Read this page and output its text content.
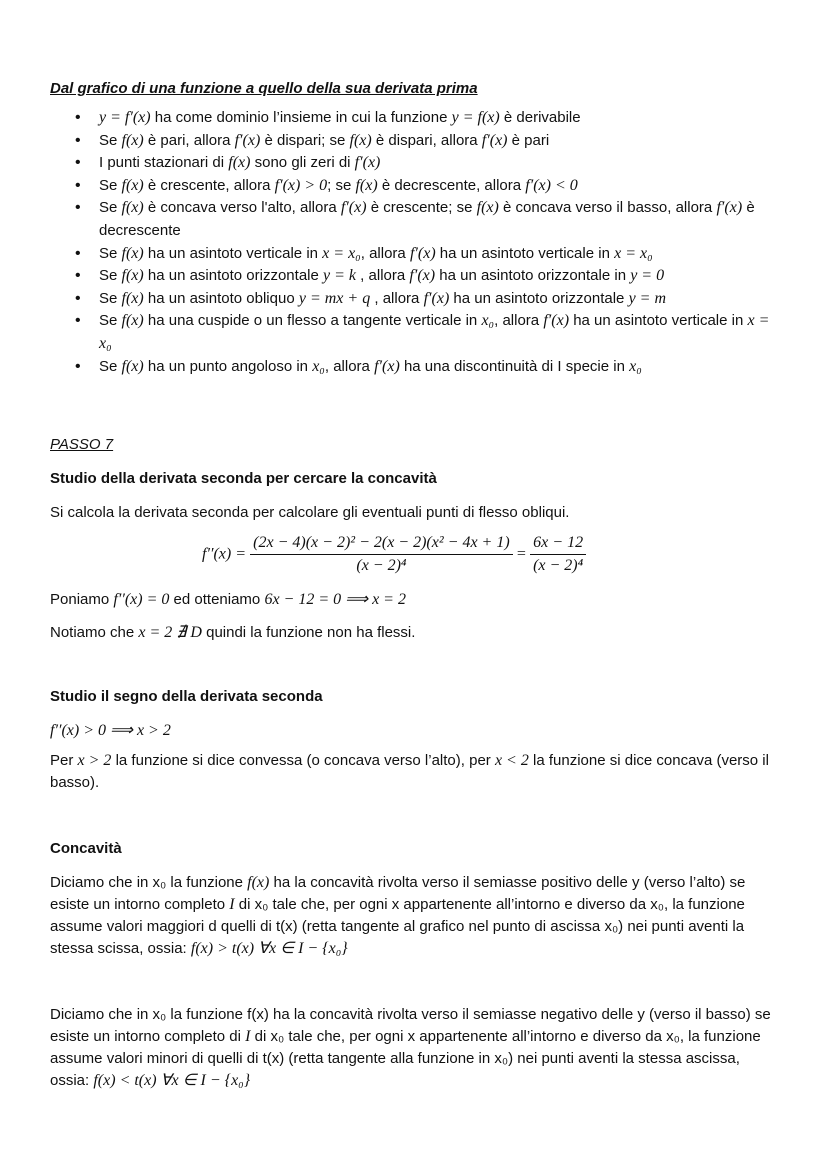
Dal grafico di una funzione a quello della sua derivata prima
• y = f′(x) ha come dominio l’insieme in cui la funzione y = f(x) è derivabile
• Se f(x) è pari, allora f′(x) è dispari; se f(x) è dispari, allora f′(x) è pari
• I punti stazionari di f(x) sono gli zeri di f′(x)
• Se f(x) è crescente, allora f′(x) > 0; se f(x) è decrescente, allora f′(x) < 0
• Se f(x) è concava verso l'alto, allora f′(x) è crescente; se f(x) è concava verso il basso, allora f′(x) è decrescente
• Se f(x) ha un asintoto verticale in x = x₀, allora f′(x) ha un asintoto verticale in x = x₀
• Se f(x) ha un asintoto orizzontale y = k , allora f′(x) ha un asintoto orizzontale in y = 0
• Se f(x) ha un asintoto obliquo y = mx + q , allora f′(x) ha un asintoto orizzontale y = m
• Se f(x) ha una cuspide o un flesso a tangente verticale in x₀, allora f′(x) ha un asintoto verticale in x = x₀
• Se f(x) ha un punto angoloso in x₀, allora f′(x) ha una discontinuità di I specie in x₀
PASSO 7
Studio della derivata seconda per cercare la concavità
Si calcola la derivata seconda per calcolare gli eventuali punti di flesso obliqui.
$f''(x) = \frac{\text{(2x − 4)(x − 2)² − 2(x − 2)(x² − 4x + 1)}}{\text{(x − 2)⁴}} = \frac{6x - 12}{\text{(x − 2)⁴}}$
Poniamo f′′(x) = 0 ed otteniamo 6x − 12 = 0 ⟹ x = 2
Notiamo che x = 2 ∄ D quindi la funzione non ha flessi.
Studio il segno della derivata seconda
f′′(x) > 0 ⟹ x > 2
Per x > 2 la funzione si dice convessa (o concava verso l’alto), per x < 2 la funzione si dice concava (verso il basso).
Concavità
Diciamo che in x₀ la funzione f(x) ha la concavità rivolta verso il semiasse positivo delle y (verso l’alto) se esiste un intorno completo I di x₀ tale che, per ogni x appartenente all’intorno e diverso da x₀, la funzione assume valori maggiori d quelli di t(x) (retta tangente al grafico nel punto di ascissa x₀) nei punti aventi la stessa scissa, ossia: f(x) > t(x) ∀x ∈ I − {x₀}
Diciamo che in x₀ la funzione f(x) ha la concavità rivolta verso il semiasse negativo delle y (verso il basso) se esiste un intorno completo di I di x₀ tale che, per ogni x appartenente all’intorno e diverso da x₀, la funzione assume valori minori di quelli di t(x) (retta tangente alla funzione in x₀) nei punti aventi la stessa ascissa, ossia: f(x) < t(x) ∀x ∈ I − {x₀}
